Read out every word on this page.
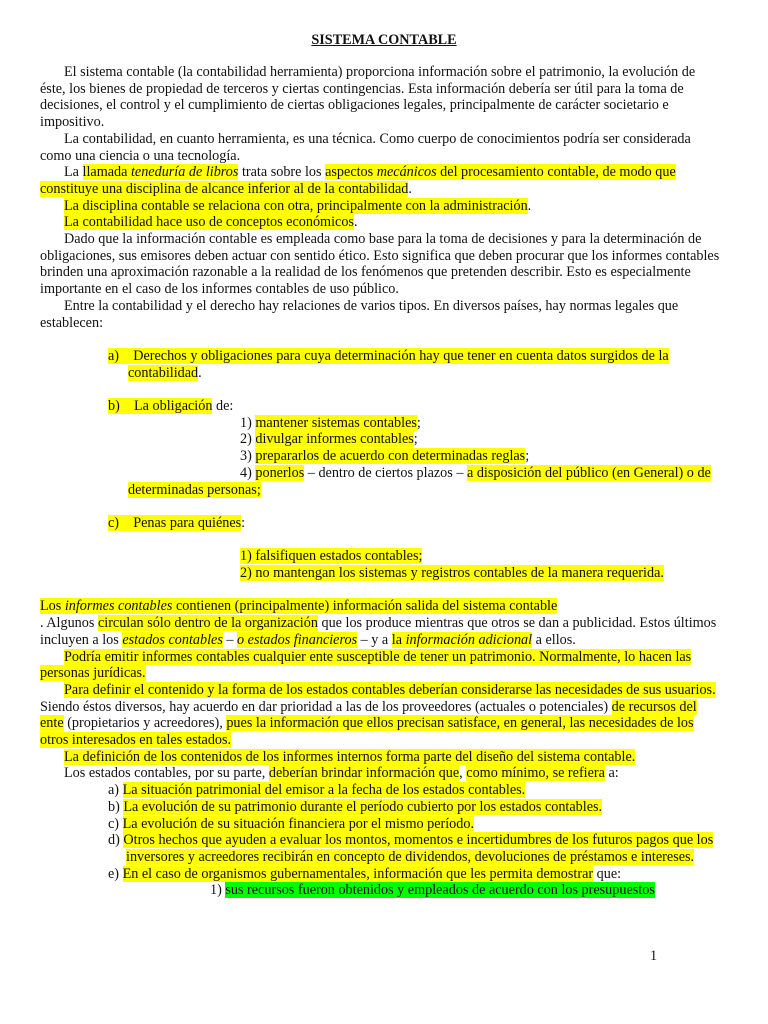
SISTEMA CONTABLE

El sistema contable (la contabilidad herramienta) proporciona información sobre el patrimonio, la evolución de éste, los bienes de propiedad de terceros y ciertas contingencias. Esta información debería ser útil para la toma de decisiones, el control y el cumplimiento de ciertas obligaciones legales, principalmente de carácter societario e impositivo.

La contabilidad, en cuanto herramienta, es una técnica. Como cuerpo de conocimientos podría ser considerada como una ciencia o una tecnología.

La llamada teneduría de libros trata sobre los aspectos mecánicos del procesamiento contable, de modo que constituye una disciplina de alcance inferior al de la contabilidad.

La disciplina contable se relaciona con otra, principalmente con la administración.

La contabilidad hace uso de conceptos económicos.

Dado que la información contable es empleada como base para la toma de decisiones y para la determinación de obligaciones, sus emisores deben actuar con sentido ético. Esto significa que deben procurar que los informes contables brinden una aproximación razonable a la realidad de los fenómenos que pretenden describir. Esto es especialmente importante en el caso de los informes contables de uso público.

Entre la contabilidad y el derecho hay relaciones de varios tipos. En diversos países, hay normas legales que establecen:

a) Derechos y obligaciones para cuya determinación hay que tener en cuenta datos surgidos de la contabilidad.

b) La obligación de:

1) mantener sistemas contables;

2) divulgar informes contables;

3) prepararlos de acuerdo con determinadas reglas;

4) ponerlos – dentro de ciertos plazos – a disposición del público (en General) o de determinadas personas;

c) Penas para quiénes:

1) falsifiquen estados contables;

2) no mantengan los sistemas y registros contables de la manera requerida.

Los informes contables contienen (principalmente) información salida del sistema contable

. Algunos circulan sólo dentro de la organización que los produce mientras que otros se dan a publicidad. Estos últimos incluyen a los estados contables – o estados financieros – y a la información adicional a ellos.

Podría emitir informes contables cualquier ente susceptible de tener un patrimonio. Normalmente, lo hacen las personas jurídicas.

Para definir el contenido y la forma de los estados contables deberían considerarse las necesidades de sus usuarios. Siendo éstos diversos, hay acuerdo en dar prioridad a las de los proveedores (actuales o potenciales) de recursos del ente (propietarios y acreedores), pues la información que ellos precisan satisface, en general, las necesidades de los otros interesados en tales estados.

La definición de los contenidos de los informes internos forma parte del diseño del sistema contable.

Los estados contables, por su parte, deberían brindar información que, como mínimo, se refiera a:

a) La situación patrimonial del emisor a la fecha de los estados contables.

b) La evolución de su patrimonio durante el período cubierto por los estados contables.

c) La evolución de su situación financiera por el mismo período.

d) Otros hechos que ayuden a evaluar los montos, momentos e incertidumbres de los futuros pagos que los inversores y acreedores recibirán en concepto de dividendos, devoluciones de préstamos e intereses.

e) En el caso de organismos gubernamentales, información que les permita demostrar que:

1) sus recursos fueron obtenidos y empleados de acuerdo con los presupuestos

1
